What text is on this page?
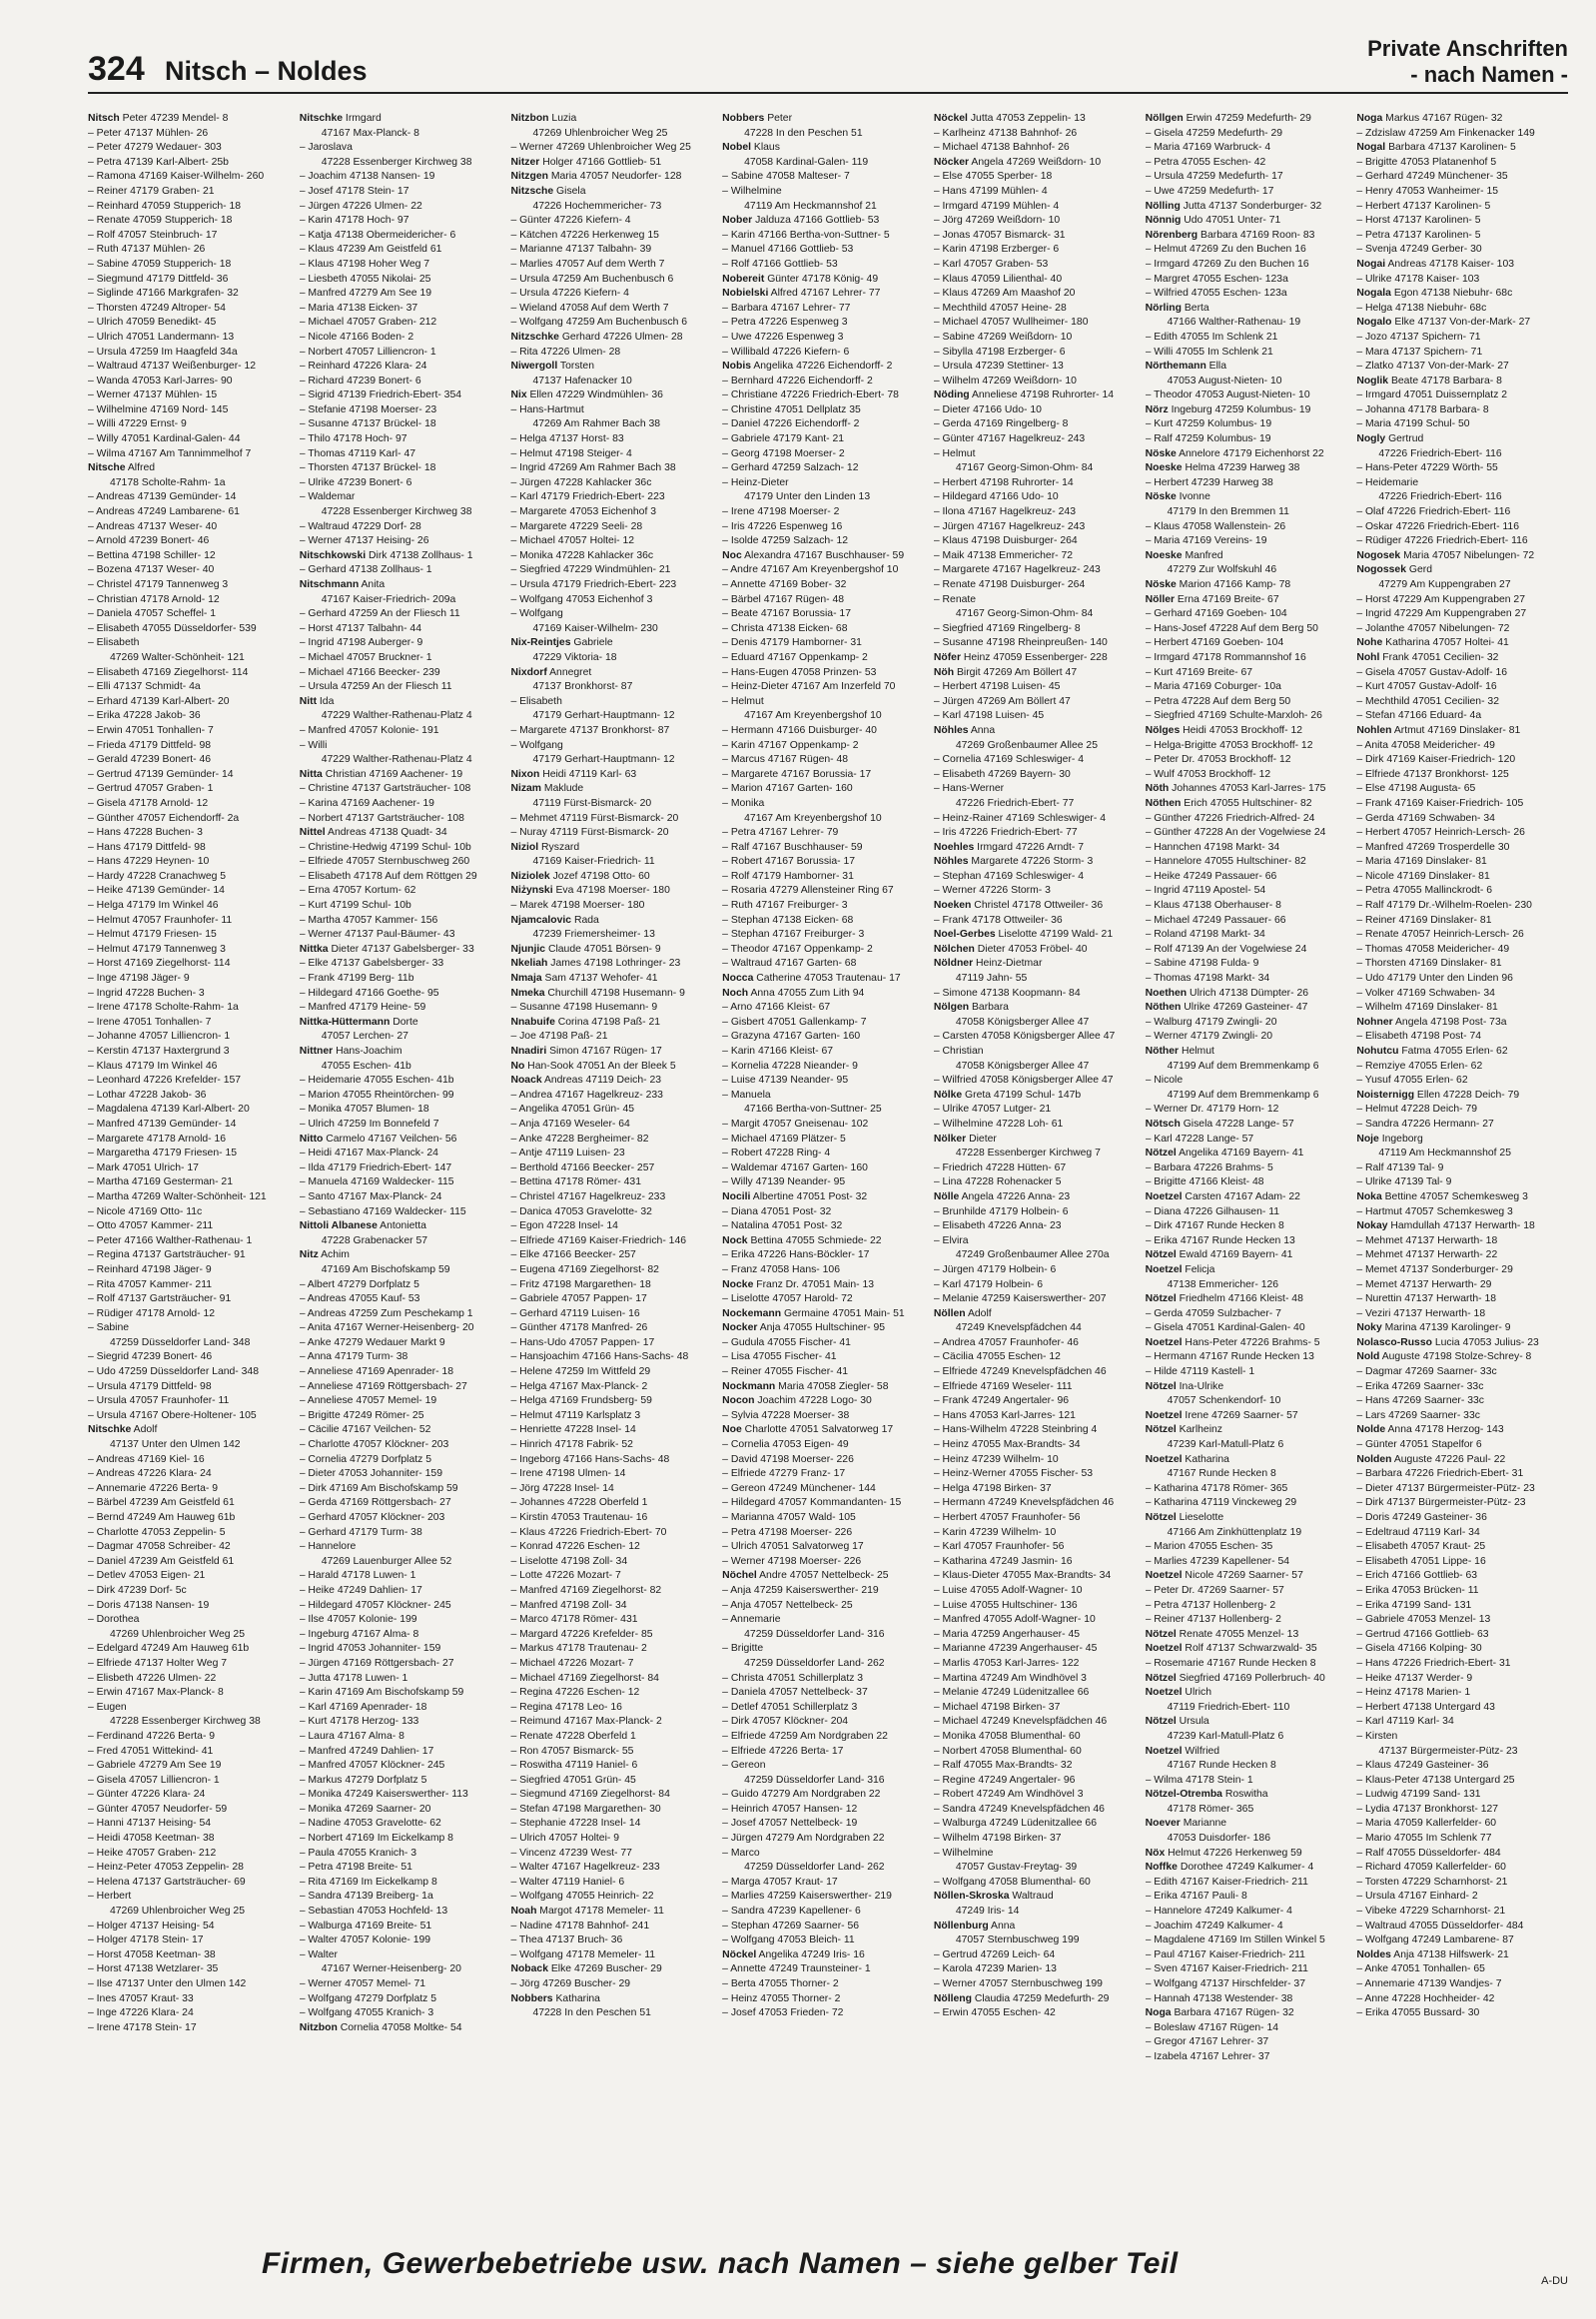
324 Nitsch – Noldes
Private Anschriften
- nach Namen -
Nitsch Peter 47239 Mendel- 8
– Peter 47137 Mühlen- 26
– Peter 47279 Wedauer- 303
– Petra 47139 Karl-Albert- 25b
– Ramona 47169 Kaiser-Wilhelm- 260
– Reiner 47179 Graben- 21
– Reinhard 47059 Stupperich- 18
– Renate 47059 Stupperich- 18
– Rolf 47057 Steinbruch- 17
– Ruth 47137 Mühlen- 26
– Sabine 47059 Stupperich- 18
– Siegmund 47179 Dittfeld- 36
– Siglinde 47166 Markgrafen- 32
– Thorsten 47249 Altroper- 54
– Ulrich 47059 Benedikt- 45
– Ulrich 47051 Landermann- 13
– Ursula 47259 Im Haagfeld 34a
– Waltraud 47137 Weißenburger- 12
– Wanda 47053 Karl-Jarres- 90
– Werner 47137 Mühlen- 15
– Wilhelmine 47169 Nord- 145
– Willi 47229 Ernst- 9
– Willy 47051 Kardinal-Galen- 44
– Wilma 47167 Am Tannimmelhof 7
Nitsche Alfred
47178 Scholte-Rahm- 1a
– Andreas 47139 Gemünder- 14
– Andreas 47249 Lambarene- 61
– Andreas 47137 Weser- 40
– Arnold 47239 Bonert- 46
– Bettina 47198 Schiller- 12
– Bozena 47137 Weser- 40
– Christel 47179 Tannenweg 3
– Christian 47178 Arnold- 12
– Daniela 47057 Scheffel- 1
– Elisabeth 47055 Düsseldorfer- 539
– Elisabeth
47269 Walter-Schönheit- 121
– Elisabeth 47169 Ziegelhorst- 114
– Elli 47137 Schmidt- 4a
– Erhard 47139 Karl-Albert- 20
– Erika 47228 Jakob- 36
– Erwin 47051 Tonhallen- 7
– Frieda 47179 Dittfeld- 98
– Gerald 47239 Bonert- 46
– Gertrud 47139 Gemünder- 14
– Gertrud 47057 Graben- 1
– Gisela 47178 Arnold- 12
– Günther 47057 Eichendorff- 2a
– Hans 47228 Buchen- 3
– Hans 47179 Dittfeld- 98
– Hans 47229 Heynen- 10
– Hardy 47228 Cranachweg 5
– Heike 47139 Gemünder- 14
– Helga 47179 Im Winkel 46
– Helmut 47057 Fraunhofer- 11
– Helmut 47179 Friesen- 15
– Helmut 47179 Tannenweg 3
– Horst 47169 Ziegelhorst- 114
– Inge 47198 Jäger- 9
– Ingrid 47228 Buchen- 3
– Irene 47178 Scholte-Rahm- 1a
– Irene 47051 Tonhallen- 7
– Johanne 47057 Lilliencron- 1
– Kerstin 47137 Haxtergrund 3
– Klaus 47179 Im Winkel 46
– Leonhard 47226 Krefelder- 157
– Lothar 47228 Jakob- 36
– Magdalena 47139 Karl-Albert- 20
– Manfred 47139 Gemünder- 14
– Margarete 47178 Arnold- 16
– Margaretha 47179 Friesen- 15
– Mark 47051 Ulrich- 17
– Martha 47169 Gesterman- 21
– Martha 47269 Walter-Schönheit- 121
– Nicole 47169 Otto- 11c
– Otto 47057 Kammer- 211
– Peter 47166 Walther-Rathenau- 1
– Regina 47137 Gartsträucher- 91
– Reinhard 47198 Jäger- 9
– Rita 47057 Kammer- 211
– Rolf 47137 Gartsträucher- 91
– Rüdiger 47178 Arnold- 12
– Sabine
47259 Düsseldorfer Land- 348
– Siegrid 47239 Bonert- 46
– Udo 47259 Düsseldorfer Land- 348
– Ursula 47179 Dittfeld- 98
– Ursula 47057 Fraunhofer- 11
– Ursula 47167 Obere-Holtener- 105
Nitschke Adolf
47137 Unter den Ulmen 142
– Andreas 47169 Kiel- 16
– Andreas 47226 Klara- 24
– Annemarie 47226 Berta- 9
– Bärbel 47239 Am Geistfeld 61
– Bernd 47249 Am Hauweg 61b
– Charlotte 47053 Zeppelin- 5
– Dagmar 47058 Schreiber- 42
– Daniel 47239 Am Geistfeld 61
– Detlev 47053 Eigen- 21
– Dirk 47239 Dorf- 5c
– Doris 47138 Nansen- 19
– Dorothea
47269 Uhlenbroicher Weg 25
– Edelgard 47249 Am Hauweg 61b
– Elfriede 47137 Holter Weg 7
– Elisbeth 47226 Ulmen- 22
– Erwin 47167 Max-Planck- 8
– Eugen
47228 Essenberger Kirchweg 38
– Ferdinand 47226 Berta- 9
– Fred 47051 Wittekind- 41
– Gabriele 47279 Am See 19
– Gisela 47057 Lilliencron- 1
– Günter 47226 Klara- 24
– Günter 47057 Neudorfer- 59
– Hanni 47137 Heising- 54
– Heidi 47058 Keetman- 38
– Heike 47057 Graben- 212
– Heinz-Peter 47053 Zeppelin- 28
– Helena 47137 Gartsträucher- 69
– Herbert
47269 Uhlenbroicher Weg 25
– Holger 47137 Heising- 54
– Holger 47178 Stein- 17
– Horst 47058 Keetman- 38
– Horst 47138 Wetzlarer- 35
– Ilse 47137 Unter den Ulmen 142
– Ines 47057 Kraut- 33
– Inge 47226 Klara- 24
– Irene 47178 Stein- 17
Nitschke Irmgard
47167 Max-Planck- 8
– Jaroslava
47228 Essenberger Kirchweg 38
– Joachim 47138 Nansen- 19
– Josef 47178 Stein- 17
– Jürgen 47226 Ulmen- 22
– Karin 47178 Hoch- 97
– Katja 47138 Obermeidericher- 6
– Klaus 47239 Am Geistfeld 61
– Klaus 47198 Hoher Weg 7
– Liesbeth 47055 Nikolai- 25
– Manfred 47279 Am See 19
– Maria 47138 Eicken- 37
– Michael 47057 Graben- 212
– Nicole 47166 Boden- 2
– Norbert 47057 Lilliencron- 1
– Reinhard 47226 Klara- 24
– Richard 47239 Bonert- 6
– Sigrid 47139 Friedrich-Ebert- 354
– Stefanie 47198 Moerser- 23
– Susanne 47137 Brückel- 18
– Thilo 47178 Hoch- 97
– Thomas 47119 Karl- 47
– Thorsten 47137 Brückel- 18
– Ulrike 47239 Bonert- 6
– Waldemar
47228 Essenberger Kirchweg 38
– Waltraud 47229 Dorf- 28
– Werner 47137 Heising- 26
Nitschkowski Dirk 47138 Zollhaus- 1
– Gerhard 47138 Zollhaus- 1
Nitschmann Anita
47167 Kaiser-Friedrich- 209a
– Gerhard 47259 An der Fliesch 11
– Horst 47137 Talbahn- 44
– Ingrid 47198 Auberger- 9
– Michael 47057 Bruckner- 1
– Michael 47166 Beecker- 239
– Ursula 47259 An der Fliesch 11
Nitt Ida
47229 Walther-Rathenau-Platz 4
– Manfred 47057 Kolonie- 191
– Willi
47229 Walther-Rathenau-Platz 4
Nitta Christian 47169 Aachener- 19
– Christine 47137 Gartsträucher- 108
– Karina 47169 Aachener- 19
– Norbert 47137 Gartsträucher- 108
Nittel Andreas 47138 Quadt- 34
– Christine-Hedwig 47199 Schul- 10b
– Elfriede 47057 Sternbuschweg 260
– Elisabeth 47178 Auf dem Röttgen 29
– Erna 47057 Kortum- 62
– Kurt 47199 Schul- 10b
– Martha 47057 Kammer- 156
– Werner 47137 Paul-Bäumer- 43
Nittka Dieter 47137 Gabelsberger- 33
– Elke 47137 Gabelsberger- 33
– Frank 47199 Berg- 11b
– Hildegard 47166 Goethe- 95
– Manfred 47179 Heine- 59
Nittka-Hüttermann Dorte
47057 Lerchen- 27
Nittner Hans-Joachim
47055 Eschen- 41b
– Heidemarie 47055 Eschen- 41b
– Marion 47055 Rheintörchen- 99
– Monika 47057 Blumen- 18
– Ulrich 47259 Im Bonnefeld 7
Nitto Carmelo 47167 Veilchen- 56
– Heidi 47167 Max-Planck- 24
– Ilda 47179 Friedrich-Ebert- 147
– Manuela 47169 Waldecker- 115
– Santo 47167 Max-Planck- 24
– Sebastiano 47169 Waldecker- 115
Nittoli Albanese Antonietta
47228 Grabenacker 57
Nitz Achim
47169 Am Bischofskamp 59
– Albert 47279 Dorfplatz 5
– Andreas 47055 Kauf- 53
– Andreas 47259 Zum Peschekamp 1
– Anita 47167 Werner-Heisenberg- 20
– Anke 47279 Wedauer Markt 9
– Anna 47179 Turm- 38
– Anneliese 47169 Apenrader- 18
– Anneliese 47169 Röttgersbach- 27
– Anneliese 47057 Memel- 19
– Brigitte 47249 Römer- 25
– Cäcilie 47167 Veilchen- 52
– Charlotte 47057 Klöckner- 203
– Cornelia 47279 Dorfplatz 5
– Dieter 47053 Johanniter- 159
– Dirk 47169 Am Bischofskamp 59
– Gerda 47169 Röttgersbach- 27
– Gerhard 47057 Klöckner- 203
– Gerhard 47179 Turm- 38
– Hannelore
47269 Lauenburger Allee 52
– Harald 47178 Luwen- 1
– Heike 47249 Dahlien- 17
– Hildegard 47057 Klöckner- 245
– Ilse 47057 Kolonie- 199
– Ingeburg 47167 Alma- 8
– Ingrid 47053 Johanniter- 159
– Jürgen 47169 Röttgersbach- 27
– Jutta 47178 Luwen- 1
– Karin 47169 Am Bischofskamp 59
– Karl 47169 Apenrader- 18
– Kurt 47178 Herzog- 133
– Laura 47167 Alma- 8
– Manfred 47249 Dahlien- 17
– Manfred 47057 Klöckner- 245
– Markus 47279 Dorfplatz 5
– Monika 47249 Kaiserswerther- 113
– Monika 47269 Saarner- 20
– Nadine 47053 Gravelotte- 62
– Norbert 47169 Im Eickelkamp 8
– Paula 47055 Kranich- 3
– Petra 47198 Breite- 51
– Rita 47169 Im Eickelkamp 8
– Sandra 47139 Breiberg- 1a
– Sebastian 47053 Hochfeld- 13
– Walburga 47169 Breite- 51
– Walter 47057 Kolonie- 199
– Walter
47167 Werner-Heisenberg- 20
– Werner 47057 Memel- 71
– Wolfgang 47279 Dorfplatz 5
– Wolfgang 47055 Kranich- 3
Nitzbon Cornelia 47058 Moltke- 54
Nitzbon Luzia
47269 Uhlenbroicher Weg 25
– Werner 47269 Uhlenbroicher Weg 25
Nitzer Holger 47166 Gottlieb- 51
Nitzgen Maria 47057 Neudorfer- 128
Nitzsche Gisela
47226 Hochemmericher- 73
– Günter 47226 Kiefern- 4
– Kätchen 47226 Herkenweg 15
– Marianne 47137 Talbahn- 39
– Marlies 47057 Auf dem Werth 7
– Ursula 47259 Am Buchenbusch 6
– Ursula 47226 Kiefern- 4
– Wieland 47058 Auf dem Werth 7
– Wolfgang 47259 Am Buchenbusch 6
Nitzschke Gerhard 47226 Ulmen- 28
– Rita 47226 Ulmen- 28
Niwergoll Torsten
47137 Hafenacker 10
Nix Ellen 47229 Windmühlen- 36
– Hans-Hartmut
47269 Am Rahmer Bach 38
– Helga 47137 Horst- 83
– Helmut 47198 Steiger- 4
– Ingrid 47269 Am Rahmer Bach 38
– Jürgen 47228 Kahlacker 36c
– Karl 47179 Friedrich-Ebert- 223
– Margarete 47053 Eichenhof 3
– Margarete 47229 Seeli- 28
– Michael 47057 Holtei- 12
– Monika 47228 Kahlacker 36c
– Siegfried 47229 Windmühlen- 21
– Ursula 47179 Friedrich-Ebert- 223
– Wolfgang 47053 Eichenhof 3
– Wolfgang
47169 Kaiser-Wilhelm- 230
Nix-Reintjes Gabriele
47229 Viktoria- 18
Nixdorf Annegret
47137 Bronkhorst- 87
– Elisabeth
47179 Gerhart-Hauptmann- 12
– Margarete 47137 Bronkhorst- 87
– Wolfgang
47179 Gerhart-Hauptmann- 12
Nixon Heidi 47119 Karl- 63
Nizam Maklude
47119 Fürst-Bismarck- 20
– Mehmet 47119 Fürst-Bismarck- 20
– Nuray 47119 Fürst-Bismarck- 20
Niziol Ryszard
47169 Kaiser-Friedrich- 11
Niziolek Jozef 47198 Otto- 60
Niżynski Eva 47198 Moerser- 180
– Marek 47198 Moerser- 180
Njamcalovic Rada
47239 Friemersheimer- 13
Njunjic Claude 47051 Börsen- 9
Nkeliah James 47198 Lothringer- 23
Nmaja Sam 47137 Wehofer- 41
Nmeka Churchill 47198 Husemann- 9
– Susanne 47198 Husemann- 9
Nnabuife Corina 47198 Paß- 21
– Joe 47198 Paß- 21
Nnadiri Simon 47167 Rügen- 17
No Han-Sook 47051 An der Bleek 5
Noack Andreas 47119 Deich- 23
– Andrea 47167 Hagelkreuz- 233
– Angelika 47051 Grün- 45
– Anja 47169 Weseler- 64
– Anke 47228 Bergheimer- 82
– Antje 47119 Luisen- 23
– Berthold 47166 Beecker- 257
– Bettina 47178 Römer- 431
– Christel 47167 Hagelkreuz- 233
– Danica 47053 Gravelotte- 32
– Egon 47228 Insel- 14
– Elfriede 47169 Kaiser-Friedrich- 146
– Elke 47166 Beecker- 257
– Eugena 47169 Ziegelhorst- 82
– Fritz 47198 Margarethen- 18
– Gabriele 47057 Pappen- 17
– Gerhard 47119 Luisen- 16
– Günther 47178 Manfred- 26
– Hans-Udo 47057 Pappen- 17
– Hansjoachim 47166 Hans-Sachs- 48
– Helene 47259 Im Wittfeld 29
– Helga 47167 Max-Planck- 2
– Helga 47169 Frundsberg- 59
– Helmut 47119 Karlsplatz 3
– Henriette 47228 Insel- 14
– Hinrich 47178 Fabrik- 52
– Ingeborg 47166 Hans-Sachs- 48
– Irene 47198 Ulmen- 14
– Jörg 47228 Insel- 14
– Johannes 47228 Oberfeld 1
– Kirstin 47053 Trautenau- 16
– Klaus 47226 Friedrich-Ebert- 70
– Konrad 47226 Eschen- 12
– Liselotte 47198 Zoll- 34
– Lotte 47226 Mozart- 7
– Manfred 47169 Ziegelhorst- 82
– Manfred 47198 Zoll- 34
– Marco 47178 Römer- 431
– Margard 47226 Krefelder- 85
– Markus 47178 Trautenau- 2
– Michael 47226 Mozart- 7
– Michael 47169 Ziegelhorst- 84
– Regina 47226 Eschen- 12
– Regina 47178 Leo- 16
– Reimund 47167 Max-Planck- 2
– Renate 47228 Oberfeld 1
– Ron 47057 Bismarck- 55
– Roswitha 47119 Haniel- 6
– Siegfried 47051 Grün- 45
– Siegmund 47169 Ziegelhorst- 84
– Stefan 47198 Margarethen- 30
– Stephanie 47228 Insel- 14
– Ulrich 47057 Holtei- 9
– Vincenz 47239 West- 77
– Walter 47167 Hagelkreuz- 233
– Walter 47119 Haniel- 6
– Wolfgang 47055 Heinrich- 22
Noah Margot 47178 Memeler- 11
– Nadine 47178 Bahnhof- 241
– Thea 47137 Bruch- 36
– Wolfgang 47178 Memeler- 11
Noback Elke 47269 Buscher- 29
– Jörg 47269 Buscher- 29
Nobbers Katharina
47228 In den Peschen 51
Nobbers Peter
47228 In den Peschen 51
Nobel Klaus
47058 Kardinal-Galen- 119
– Sabine 47058 Malteser- 7
– Wilhelmine
47119 Am Heckmannshof 21
Nober Jalduza 47166 Gottlieb- 53
– Karin 47166 Bertha-von-Suttner- 5
– Manuel 47166 Gottlieb- 53
– Rolf 47166 Gottlieb- 53
Nobereit Günter 47178 König- 49
Nobielski Alfred 47167 Lehrer- 77
– Barbara 47167 Lehrer- 77
– Petra 47226 Espenweg 3
– Uwe 47226 Espenweg 3
– Willibald 47226 Kiefern- 6
Nobis Angelika 47226 Eichendorff- 2
– Bernhard 47226 Eichendorff- 2
– Christiane 47226 Friedrich-Ebert- 78
– Christine 47051 Dellplatz 35
– Daniel 47226 Eichendorff- 2
– Gabriele 47179 Kant- 21
– Georg 47198 Moerser- 2
– Gerhard 47259 Salzach- 12
– Heinz-Dieter
47179 Unter den Linden 13
– Irene 47198 Moerser- 2
– Iris 47226 Espenweg 16
– Isolde 47259 Salzach- 12
Noc Alexandra 47167 Buschhauser- 59
– Andre 47167 Am Kreyenbergshof 10
– Annette 47169 Bober- 32
– Bärbel 47167 Rügen- 48
– Beate 47167 Borussia- 17
– Christa 47138 Eicken- 68
– Denis 47179 Hamborner- 31
– Eduard 47167 Oppenkamp- 2
– Hans-Eugen 47058 Prinzen- 53
– Heinz-Dieter 47167 Am Inzerfeld 70
– Helmut
47167 Am Kreyenbergshof 10
– Hermann 47166 Duisburger- 40
– Karin 47167 Oppenkamp- 2
– Marcus 47167 Rügen- 48
– Margarete 47167 Borussia- 17
– Marion 47167 Garten- 160
– Monika
47167 Am Kreyenbergshof 10
– Petra 47167 Lehrer- 79
– Ralf 47167 Buschhauser- 59
– Robert 47167 Borussia- 17
– Rolf 47179 Hamborner- 31
– Rosaria 47279 Allensteiner Ring 67
– Ruth 47167 Freiburger- 3
– Stephan 47138 Eicken- 68
– Stephan 47167 Freiburger- 3
– Theodor 47167 Oppenkamp- 2
– Waltraud 47167 Garten- 68
Nocca Catherine 47053 Trautenau- 17
Noch Anna 47055 Zum Lith 94
– Arno 47166 Kleist- 67
– Gisbert 47051 Gallenkamp- 7
– Grazyna 47167 Garten- 160
– Karin 47166 Kleist- 67
– Kornelia 47228 Nieander- 9
– Luise 47139 Neander- 95
– Manuela
47166 Bertha-von-Suttner- 25
– Margit 47057 Gneisenau- 102
– Michael 47169 Plätzer- 5
– Robert 47228 Ring- 4
– Waldemar 47167 Garten- 160
– Willy 47139 Neander- 95
Nocili Albertine 47051 Post- 32
– Diana 47051 Post- 32
– Natalina 47051 Post- 32
Nock Bettina 47055 Schmiede- 22
– Erika 47226 Hans-Böckler- 17
– Franz 47058 Hans- 106
Nocke Franz Dr. 47051 Main- 13
– Liselotte 47057 Harold- 72
Nockemann Germaine 47051 Main- 51
Nocker Anja 47055 Hultschiner- 95
– Gudula 47055 Fischer- 41
– Lisa 47055 Fischer- 41
– Reiner 47055 Fischer- 41
Nockmann Maria 47058 Ziegler- 58
Nocon Joachim 47228 Logo- 30
– Sylvia 47228 Moerser- 38
Noe Charlotte 47051 Salvatorweg 17
– Cornelia 47053 Eigen- 49
– David 47198 Moerser- 226
– Elfriede 47279 Franz- 17
– Gereon 47249 Münchener- 144
– Hildegard 47057 Kommandanten- 15
– Marianna 47057 Wald- 105
– Petra 47198 Moerser- 226
– Ulrich 47051 Salvatorweg 17
– Werner 47198 Moerser- 226
Nöchel Andre 47057 Nettelbeck- 25
– Anja 47259 Kaiserswerther- 219
– Anja 47057 Nettelbeck- 25
– Annemarie
47259 Düsseldorfer Land- 316
– Brigitte
47259 Düsseldorfer Land- 262
– Christa 47051 Schillerplatz 3
– Daniela 47057 Nettelbeck- 37
– Detlef 47051 Schillerplatz 3
– Dirk 47057 Klöckner- 204
– Elfriede 47259 Am Nordgraben 22
– Elfriede 47226 Berta- 17
– Gereon
47259 Düsseldorfer Land- 316
– Guido 47279 Am Nordgraben 22
– Heinrich 47057 Hansen- 12
– Josef 47057 Nettelbeck- 19
– Jürgen 47279 Am Nordgraben 22
– Marco
47259 Düsseldorfer Land- 262
– Marga 47057 Kraut- 17
– Marlies 47259 Kaiserswerther- 219
– Sandra 47239 Kapellener- 6
– Stephan 47269 Saarner- 56
– Wolfgang 47053 Bleich- 11
Nöckel Angelika 47249 Iris- 16
– Annette 47249 Traunsteiner- 1
– Berta 47055 Thorner- 2
– Heinz 47055 Thorner- 2
– Josef 47053 Frieden- 72
Nöckel Jutta 47053 Zeppelin- 13
– Karlheinz 47138 Bahnhof- 26
– Michael 47138 Bahnhof- 26
Nöcker Angela 47269 Weißdorn- 10
– Else 47055 Sperber- 18
– Hans 47199 Mühlen- 4
– Irmgard 47199 Mühlen- 4
– Jörg 47269 Weißdorn- 10
– Jonas 47057 Bismarck- 31
– Karin 47198 Erzberger- 6
– Karl 47057 Graben- 53
– Klaus 47059 Lilienthal- 40
– Klaus 47269 Am Maashof 20
– Mechthild 47057 Heine- 28
– Michael 47057 Wullheimer- 180
– Sabine 47269 Weißdorn- 10
– Sibylla 47198 Erzberger- 6
– Ursula 47239 Stettiner- 13
– Wilhelm 47269 Weißdorn- 10
Nöding Anneliese 47198 Ruhrorter- 14
– Dieter 47166 Udo- 10
– Gerda 47169 Ringelberg- 8
– Günter 47167 Hagelkreuz- 243
– Helmut
47167 Georg-Simon-Ohm- 84
– Herbert 47198 Ruhrorter- 14
– Hildegard 47166 Udo- 10
– Ilona 47167 Hagelkreuz- 243
– Jürgen 47167 Hagelkreuz- 243
– Klaus 47198 Duisburger- 264
– Maik 47138 Emmericher- 72
– Margarete 47167 Hagelkreuz- 243
– Renate 47198 Duisburger- 264
– Renate
47167 Georg-Simon-Ohm- 84
– Siegfried 47169 Ringelberg- 8
– Susanne 47198 Rheinpreußen- 140
Nöfer Heinz 47059 Essenberger- 228
Nöh Birgit 47269 Am Böllert 47
– Herbert 47198 Luisen- 45
– Jürgen 47269 Am Böllert 47
– Karl 47198 Luisen- 45
Nöhles Anna
47269 Großenbaumer Allee 25
– Cornelia 47169 Schleswiger- 4
– Elisabeth 47269 Bayern- 30
– Hans-Werner
47226 Friedrich-Ebert- 77
– Heinz-Rainer 47169 Schleswiger- 4
– Iris 47226 Friedrich-Ebert- 77
Noehles Irmgard 47226 Arndt- 7
Nöhles Margarete 47226 Storm- 3
– Stephan 47169 Schleswiger- 4
– Werner 47226 Storm- 3
Noeken Christel 47178 Ottweiler- 36
– Frank 47178 Ottweiler- 36
Noel-Gerbes Liselotte 47199 Wald- 21
Nölchen Dieter 47053 Fröbel- 40
Nöldner Heinz-Dietmar
47119 Jahn- 55
– Simone 47138 Koopmann- 84
Nölgen Barbara
47058 Königsberger Allee 47
– Carsten 47058 Königsberger Allee 47
– Christian
47058 Königsberger Allee 47
– Wilfried 47058 Königsberger Allee 47
Nölke Greta 47199 Schul- 147b
– Ulrike 47057 Lutger- 21
– Wilhelmine 47228 Loh- 61
Nölker Dieter
47228 Essenberger Kirchweg 7
– Friedrich 47228 Hütten- 67
– Lina 47228 Rohenacker 5
Nölle Angela 47226 Anna- 23
– Brunhilde 47179 Holbein- 6
– Elisabeth 47226 Anna- 23
– Elvira
47249 Großenbaumer Allee 270a
– Jürgen 47179 Holbein- 6
– Karl 47179 Holbein- 6
– Melanie 47259 Kaiserswerther- 207
Nöllen Adolf
47249 Knevelspfädchen 44
– Andrea 47057 Fraunhofer- 46
– Cäcilia 47055 Eschen- 12
– Elfriede 47249 Knevelspfädchen 46
– Elfriede 47169 Weseler- 111
– Frank 47249 Angertaler- 96
– Hans 47053 Karl-Jarres- 121
– Hans-Wilhelm 47228 Steinbring 4
– Heinz 47055 Max-Brandts- 34
– Heinz 47239 Wilhelm- 10
– Heinz-Werner 47055 Fischer- 53
– Helga 47198 Birken- 37
– Hermann 47249 Knevelspfädchen 46
– Herbert 47057 Fraunhofer- 56
– Karin 47239 Wilhelm- 10
– Karl 47057 Fraunhofer- 56
– Katharina 47249 Jasmin- 16
– Klaus-Dieter 47055 Max-Brandts- 34
– Luise 47055 Adolf-Wagner- 10
– Luise 47055 Hultschiner- 136
– Manfred 47055 Adolf-Wagner- 10
– Maria 47259 Angerhauser- 45
– Marianne 47239 Angerhauser- 45
– Marlis 47053 Karl-Jarres- 122
– Martina 47249 Am Windhövel 3
– Melanie 47249 Lüdenitzallee 66
– Michael 47198 Birken- 37
– Michael 47249 Knevelspfädchen 46
– Monika 47058 Blumenthal- 60
– Norbert 47058 Blumenthal- 60
– Ralf 47055 Max-Brandts- 32
– Regine 47249 Angertaler- 96
– Robert 47249 Am Windhövel 3
– Sandra 47249 Knevelspfädchen 46
– Walburga 47249 Lüdenitzallee 66
– Wilhelm 47198 Birken- 37
– Wilhelmine
47057 Gustav-Freytag- 39
– Wolfgang 47058 Blumenthal- 60
Nöllen-Skroska Waltraud
47249 Iris- 14
Nöllenburg Anna
47057 Sternbuschweg 199
– Gertrud 47269 Leich- 64
– Karola 47239 Marien- 13
– Werner 47057 Sternbuschweg 199
Nölleng Claudia 47259 Medefurth- 29
– Erwin 47055 Eschen- 42
Nöllgen Erwin 47259 Medefurth- 29
– Gisela 47259 Medefurth- 29
– Maria 47169 Warbruck- 4
– Petra 47055 Eschen- 42
– Ursula 47259 Medefurth- 17
– Uwe 47259 Medefurth- 17
Nölling Jutta 47137 Sonderburger- 32
Nönnig Udo 47051 Unter- 71
Nörenberg Barbara 47169 Roon- 83
– Helmut 47269 Zu den Buchen 16
– Irmgard 47269 Zu den Buchen 16
– Margret 47055 Eschen- 123a
– Wilfried 47055 Eschen- 123a
Nörling Berta
47166 Walther-Rathenau- 19
– Edith 47055 Im Schlenk 21
– Willi 47055 Im Schlenk 21
Nörthemann Ella
47053 August-Nieten- 10
– Theodor 47053 August-Nieten- 10
Nörz Ingeburg 47259 Kolumbus- 19
– Kurt 47259 Kolumbus- 19
– Ralf 47259 Kolumbus- 19
Nöske Annelore 47179 Eichenhorst 22
Noeske Helma 47239 Harweg 38
– Herbert 47239 Harweg 38
Nöske Ivonne
47179 In den Bremmen 11
– Klaus 47058 Wallenstein- 26
– Maria 47169 Vereins- 19
Noeske Manfred
47279 Zur Wolfskuhl 46
Nöske Marion 47166 Kamp- 78
Nöller Erna 47169 Breite- 67
– Gerhard 47169 Goeben- 104
– Hans-Josef 47228 Auf dem Berg 50
– Herbert 47169 Goeben- 104
– Irmgard 47178 Rommannshof 16
– Kurt 47169 Breite- 67
– Maria 47169 Coburger- 10a
– Petra 47228 Auf dem Berg 50
– Siegfried 47169 Schulte-Marxloh- 26
Nölges Heidi 47053 Brockhoff- 12
– Helga-Brigitte 47053 Brockhoff- 12
– Peter Dr. 47053 Brockhoff- 12
– Wulf 47053 Brockhoff- 12
Nöth Johannes 47053 Karl-Jarres- 175
Nöthen Erich 47055 Hultschiner- 82
– Günther 47226 Friedrich-Alfred- 24
– Günther 47228 An der Vogelwiese 24
– Hannchen 47198 Markt- 34
– Hannelore 47055 Hultschiner- 82
– Heike 47249 Passauer- 66
– Ingrid 47119 Apostel- 54
– Klaus 47138 Oberhauser- 8
– Michael 47249 Passauer- 66
– Roland 47198 Markt- 34
– Rolf 47139 An der Vogelwiese 24
– Sabine 47198 Fulda- 9
– Thomas 47198 Markt- 34
Noethen Ulrich 47138 Dümpter- 26
Nöthen Ulrike 47269 Gasteiner- 47
– Walburg 47179 Zwingli- 20
– Werner 47179 Zwingli- 20
Nöther Helmut
47199 Auf dem Bremmenkamp 6
– Nicole
47199 Auf dem Bremmenkamp 6
– Werner Dr. 47179 Horn- 12
Nötsch Gisela 47228 Lange- 57
– Karl 47228 Lange- 57
Nötzel Angelika 47169 Bayern- 41
– Barbara 47226 Brahms- 5
– Brigitte 47166 Kleist- 48
Noetzel Carsten 47167 Adam- 22
– Diana 47226 Gilhausen- 11
– Dirk 47167 Runde Hecken 8
– Erika 47167 Runde Hecken 13
Nötzel Ewald 47169 Bayern- 41
Noetzel Felicja
47138 Emmericher- 126
Nötzel Friedhelm 47166 Kleist- 48
– Gerda 47059 Sulzbacher- 7
– Gisela 47051 Kardinal-Galen- 40
Noetzel Hans-Peter 47226 Brahms- 5
– Hermann 47167 Runde Hecken 13
– Hilde 47119 Kastell- 1
Nötzel Ina-Ulrike
47057 Schenkendorf- 10
Noetzel Irene 47269 Saarner- 57
Nötzel Karlheinz
47239 Karl-Matull-Platz 6
Noetzel Katharina
47167 Runde Hecken 8
– Katharina 47178 Römer- 365
– Katharina 47119 Vinckeweg 29
Nötzel Lieselotte
47166 Am Zinkhüttenplatz 19
– Marion 47055 Eschen- 35
– Marlies 47239 Kapellener- 54
Noetzel Nicole 47269 Saarner- 57
– Peter Dr. 47269 Saarner- 57
– Petra 47137 Hollenberg- 2
– Reiner 47137 Hollenberg- 2
Nötzel Renate 47055 Menzel- 13
Noetzel Rolf 47137 Schwarzwald- 35
– Rosemarie 47167 Runde Hecken 8
Nötzel Siegfried 47169 Pollerbruch- 40
Noetzel Ulrich
47119 Friedrich-Ebert- 110
Nötzel Ursula
47239 Karl-Matull-Platz 6
Noetzel Wilfried
47167 Runde Hecken 8
– Wilma 47178 Stein- 1
Nötzel-Otremba Roswitha
47178 Römer- 365
Noever Marianne
47053 Duisdorfer- 186
Nöx Helmut 47226 Herkenweg 59
Noffke Dorothee 47249 Kalkumer- 4
– Edith 47167 Kaiser-Friedrich- 211
– Erika 47167 Pauli- 8
– Hannelore 47249 Kalkumer- 4
– Joachim 47249 Kalkumer- 4
– Magdalene 47169 Im Stillen Winkel 5
– Paul 47167 Kaiser-Friedrich- 211
– Sven 47167 Kaiser-Friedrich- 211
– Wolfgang 47137 Hirschfelder- 37
– Hannah 47138 Westender- 38
Noga Barbara 47167 Rügen- 32
– Boleslaw 47167 Rügen- 14
– Gregor 47167 Lehrer- 37
– Izabela 47167 Lehrer- 37
Noga Markus 47167 Rügen- 32
– Zdzislaw 47259 Am Finkenacker 149
Nogal Barbara 47137 Karolinen- 5
– Brigitte 47053 Platanenhof 5
– Gerhard 47249 Münchener- 35
– Henry 47053 Wanheimer- 15
– Herbert 47137 Karolinen- 5
– Horst 47137 Karolinen- 5
– Petra 47137 Karolinen- 5
– Svenja 47249 Gerber- 30
Nogai Andreas 47178 Kaiser- 103
– Ulrike 47178 Kaiser- 103
Nogala Egon 47138 Niebuhr- 68c
– Helga 47138 Niebuhr- 68c
Nogalo Elke 47137 Von-der-Mark- 27
– Jozo 47137 Spichern- 71
– Mara 47137 Spichern- 71
– Zlatko 47137 Von-der-Mark- 27
Noglik Beate 47178 Barbara- 8
– Irmgard 47051 Duissernplatz 2
– Johanna 47178 Barbara- 8
– Maria 47199 Schul- 50
Nogly Gertrud
47226 Friedrich-Ebert- 116
– Hans-Peter 47229 Wörth- 55
– Heidemarie
47226 Friedrich-Ebert- 116
– Olaf 47226 Friedrich-Ebert- 116
– Oskar 47226 Friedrich-Ebert- 116
– Rüdiger 47226 Friedrich-Ebert- 116
Nogosek Maria 47057 Nibelungen- 72
Nogossek Gerd
47279 Am Kuppengraben 27
– Horst 47229 Am Kuppengraben 27
– Ingrid 47229 Am Kuppengraben 27
– Jolanthe 47057 Nibelungen- 72
Nohe Katharina 47057 Holtei- 41
Nohl Frank 47051 Cecilien- 32
– Gisela 47057 Gustav-Adolf- 16
– Kurt 47057 Gustav-Adolf- 16
– Mechthild 47051 Cecilien- 32
– Stefan 47166 Eduard- 4a
Nohlen Artmut 47169 Dinslaker- 81
– Anita 47058 Meidericher- 49
– Dirk 47169 Kaiser-Friedrich- 120
– Elfriede 47137 Bronkhorst- 125
– Else 47198 Augusta- 65
– Frank 47169 Kaiser-Friedrich- 105
– Gerda 47169 Schwaben- 34
– Herbert 47057 Heinrich-Lersch- 26
– Manfred 47269 Trosperdelle 30
– Maria 47169 Dinslaker- 81
– Nicole 47169 Dinslaker- 81
– Petra 47055 Mallinckrodt- 6
– Ralf 47179 Dr.-Wilhelm-Roelen- 230
– Reiner 47169 Dinslaker- 81
– Renate 47057 Heinrich-Lersch- 26
– Thomas 47058 Meidericher- 49
– Thorsten 47169 Dinslaker- 81
– Udo 47179 Unter den Linden 96
– Volker 47169 Schwaben- 34
– Wilhelm 47169 Dinslaker- 81
Nohner Angela 47198 Post- 73a
– Elisabeth 47198 Post- 74
Nohutcu Fatma 47055 Erlen- 62
– Remziye 47055 Erlen- 62
– Yusuf 47055 Erlen- 62
Noisternigg Ellen 47228 Deich- 79
– Helmut 47228 Deich- 79
– Sandra 47226 Hermann- 27
Noje Ingeborg
47119 Am Heckmannshof 25
– Ralf 47139 Tal- 9
– Ulrike 47139 Tal- 9
Noka Bettine 47057 Schemkesweg 3
– Hartmut 47057 Schemkesweg 3
Nokay Hamdullah 47137 Herwarth- 18
– Mehmet 47137 Herwarth- 18
– Mehmet 47137 Herwarth- 22
– Memet 47137 Sonderburger- 29
– Memet 47137 Herwarth- 29
– Nurettin 47137 Herwarth- 18
– Veziri 47137 Herwarth- 18
Noky Marina 47139 Karolinger- 9
Nolasco-Russo Lucia 47053 Julius- 23
Nold Auguste 47198 Stolze-Schrey- 8
– Dagmar 47269 Saarner- 33c
– Erika 47269 Saarner- 33c
– Hans 47269 Saarner- 33c
– Lars 47269 Saarner- 33c
Nolde Anna 47178 Herzog- 143
– Günter 47051 Stapelfor 6
Nolden Auguste 47226 Paul- 22
– Barbara 47226 Friedrich-Ebert- 31
– Dieter 47137 Bürgermeister-Pütz- 23
– Dirk 47137 Bürgermeister-Pütz- 23
– Doris 47249 Gasteiner- 36
– Edeltraud 47119 Karl- 34
– Elisabeth 47057 Kraut- 25
– Elisabeth 47051 Lippe- 16
– Erich 47166 Gottlieb- 63
– Erika 47053 Brücken- 11
– Erika 47199 Sand- 131
– Gabriele 47053 Menzel- 13
– Gertrud 47166 Gottlieb- 63
– Gisela 47166 Kolping- 30
– Hans 47226 Friedrich-Ebert- 31
– Heike 47137 Werder- 9
– Heinz 47178 Marien- 1
– Herbert 47138 Untergard 43
– Karl 47119 Karl- 34
– Kirsten
47137 Bürgermeister-Pütz- 23
– Klaus 47249 Gasteiner- 36
– Klaus-Peter 47138 Untergard 25
– Ludwig 47199 Sand- 131
– Lydia 47137 Bronkhorst- 127
– Maria 47059 Kallerfelder- 60
– Mario 47055 Im Schlenk 77
– Ralf 47055 Düsseldorfer- 484
– Richard 47059 Kallerfelder- 60
– Torsten 47229 Scharnhorst- 21
– Ursula 47167 Einhard- 2
– Vibeke 47229 Scharnhorst- 21
– Waltraud 47055 Düsseldorfer- 484
– Wolfgang 47249 Lambarene- 87
Noldes Anja 47138 Hilfswerk- 21
– Anke 47051 Tonhallen- 65
– Annemarie 47139 Wandjes- 7
– Anne 47228 Hochheider- 42
– Erika 47055 Bussard- 30
Firmen, Gewerbebetriebe usw. nach Namen – siehe gelber Teil
A-DU
